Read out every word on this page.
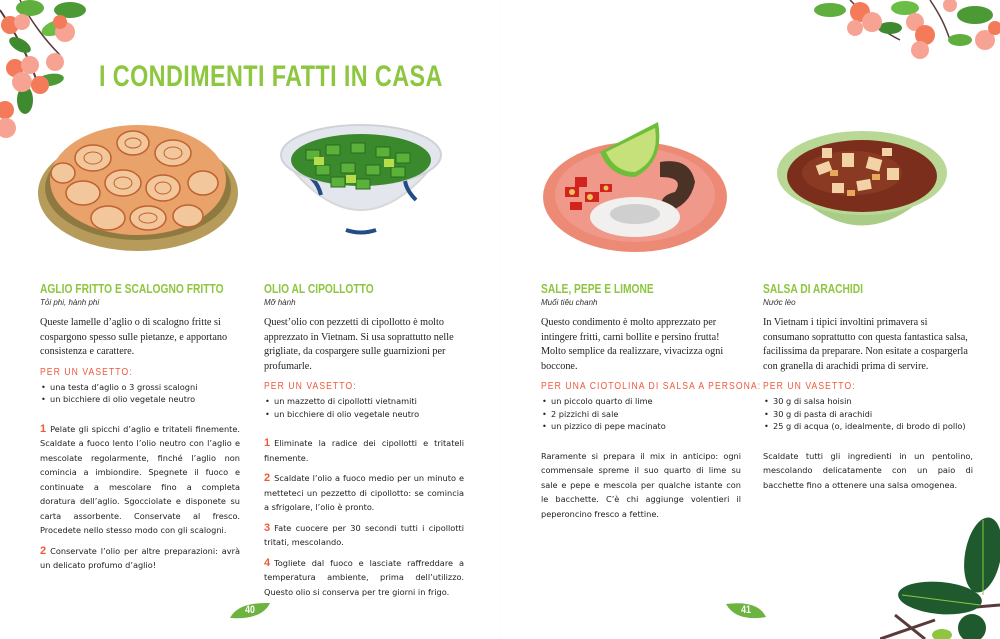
I CONDIMENTI FATTI IN CASA
AGLIO FRITTO E SCALOGNO FRITTO

Tỏi phi, hành phi

Queste lamelle d’aglio o di scalogno fritte si cospargono spesso sulle pietanze, e apportano consistenza e carattere.

PER UN VASETTO:

• una testa d’aglio o 3 grossi scalogni
• un bicchiere di olio vegetale neutro

1 Pelate gli spicchi d’aglio e tritateli finemente. Scaldate a fuoco lento l’olio neutro con l’aglio e mescolate regolarmente, finché l’aglio non comincia a imbiondire. Spegnete il fuoco e continuate a mescolare fino a completa doratura dell’aglio. Sgocciolate e disponete su carta assorbente. Conservate al fresco. Procedete nello stesso modo con gli scalogni.

2 Conservate l’olio per altre preparazioni: avrà un delicato profumo d’aglio!

OLIO AL CIPOLLOTTO

Mỡ hành

Quest’olio con pezzetti di cipollotto è molto apprezzato in Vietnam. Si usa soprattutto nelle grigliate, da cospargere sulle guarnizioni per profumarle.

PER UN VASETTO:

• un mazzetto di cipollotti vietnamiti
• un bicchiere di olio vegetale neutro

1 Eliminate la radice dei cipollotti e tritateli finemente.

2 Scaldate l’olio a fuoco medio per un minuto e metteteci un pezzetto di cipollotto: se comincia a sfrigolare, l’olio è pronto.

3 Fate cuocere per 30 secondi tutti i cipollotti tritati, mescolando.

4 Togliete dal fuoco e lasciate raffreddare a temperatura ambiente, prima dell’utilizzo. Questo olio si conserva per tre giorni in frigo.

SALE, PEPE E LIMONE

Muối tiêu chanh

Questo condimento è molto apprezzato per intingere fritti, carni bollite e persino frutta! Molto semplice da realizzare, vivacizza ogni boccone.

PER UNA CIOTOLINA DI SALSA A PERSONA:

• un piccolo quarto di lime
• 2 pizzichi di sale
• un pizzico di pepe macinato

Raramente si prepara il mix in anticipo: ogni commensale spreme il suo quarto di lime su sale e pepe e mescola per qualche istante con le bacchette. C’è chi aggiunge volentieri il peperoncino fresco a fettine.

SALSA DI ARACHIDI

Nước lèo

In Vietnam i tipici involtini primavera si consumano soprattutto con questa fantastica salsa, facilissima da preparare. Non esitate a cospargerla con granella di arachidi prima di servire.

PER UN VASETTO:

• 30 g di salsa hoisin
• 30 g di pasta di arachidi
• 25 g di acqua (o, idealmente, di brodo di pollo)

Scaldate tutti gli ingredienti in un pentolino, mescolando delicatamente con un paio di bacchette fino a ottenere una salsa omogenea.

40	41
